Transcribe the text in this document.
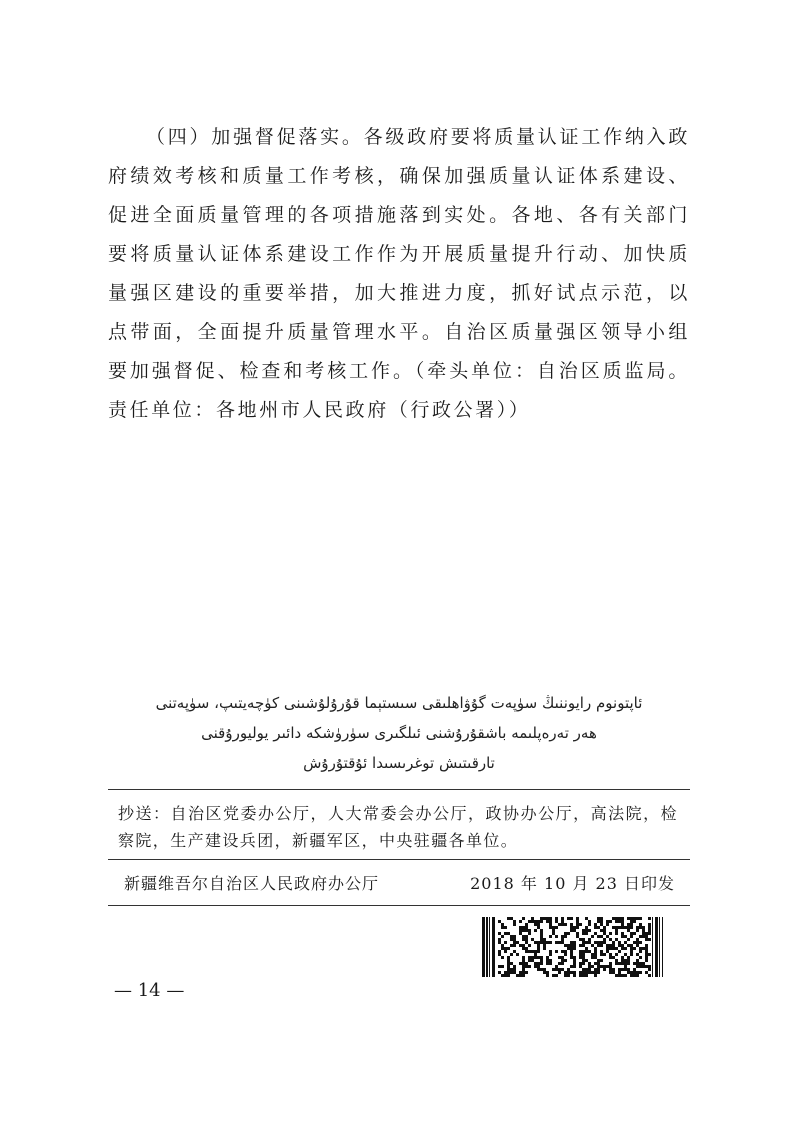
（四）加强督促落实。各级政府要将质量认证工作纳入政府绩效考核和质量工作考核，确保加强质量认证体系建设、促进全面质量管理的各项措施落到实处。各地、各有关部门要将质量认证体系建设工作作为开展质量提升行动、加快质量强区建设的重要举措，加大推进力度，抓好试点示范，以点带面，全面提升质量管理水平。自治区质量强区领导小组要加强督促、检查和考核工作。（牵头单位：自治区质监局。责任单位：各地州市人民政府（行政公署））

ئاپتونوم رايوننىڭ سۈپەت گۇۋاھلىقى سىستېما قۇرۇلۇشىنى كۈچەيتىپ، سۈپەتنى
ھەر تەرەپلىمە باشقۇرۇشنى ئىلگىرى سۈرۈشكە دائىر يوليورۇقنى
تارقىتىش توغرىسىدا ئۇقتۇرۇش

抄送：自治区党委办公厅，人大常委会办公厅，政协办公厅，高法院，检察院，生产建设兵团，新疆军区，中央驻疆各单位。

新疆维吾尔自治区人民政府办公厅	2018 年 10 月 23 日印发
— 14 —
